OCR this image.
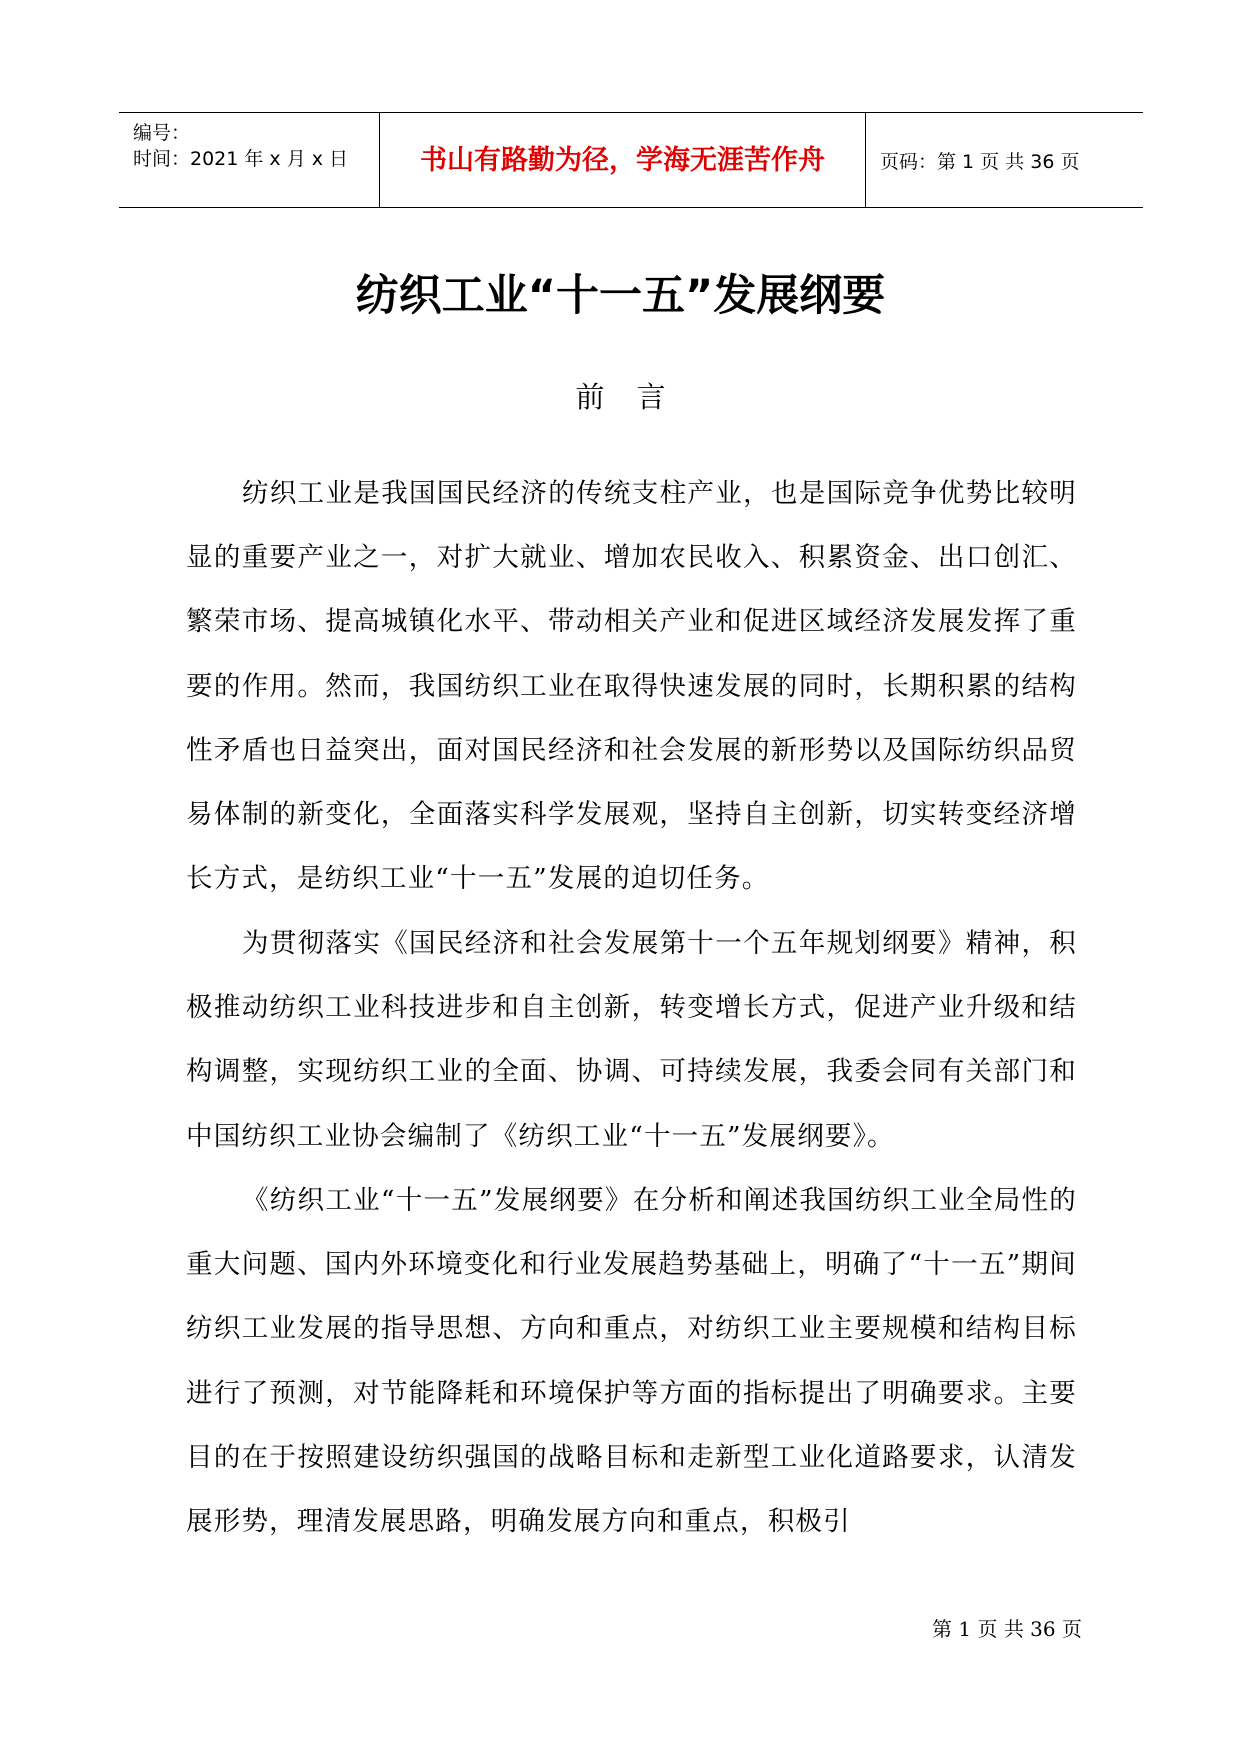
编号：
时间：2021 年 x 月 x 日	书山有路勤为径，学海无涯苦作舟	页码：第 1 页 共 36 页
纺织工业“十一五”发展纲要
前言

纺织工业是我国国民经济的传统支柱产业，也是国际竞争优势比较明显的重要产业之一，对扩大就业、增加农民收入、积累资金、出口创汇、繁荣市场、提高城镇化水平、带动相关产业和促进区域经济发展发挥了重要的作用。然而，我国纺织工业在取得快速发展的同时，长期积累的结构性矛盾也日益突出，面对国民经济和社会发展的新形势以及国际纺织品贸易体制的新变化，全面落实科学发展观，坚持自主创新，切实转变经济增长方式，是纺织工业“十一五”发展的迫切任务。

为贯彻落实《国民经济和社会发展第十一个五年规划纲要》精神，积极推动纺织工业科技进步和自主创新，转变增长方式，促进产业升级和结构调整，实现纺织工业的全面、协调、可持续发展，我委会同有关部门和中国纺织工业协会编制了《纺织工业“十一五”发展纲要》。

《纺织工业“十一五”发展纲要》在分析和阐述我国纺织工业全局性的重大问题、国内外环境变化和行业发展趋势基础上，明确了“十一五”期间纺织工业发展的指导思想、方向和重点，对纺织工业主要规模和结构目标进行了预测，对节能降耗和环境保护等方面的指标提出了明确要求。主要目的在于按照建设纺织强国的战略目标和走新型工业化道路要求，认清发展形势，理清发展思路，明确发展方向和重点，积极引

第 1 页 共 36 页
